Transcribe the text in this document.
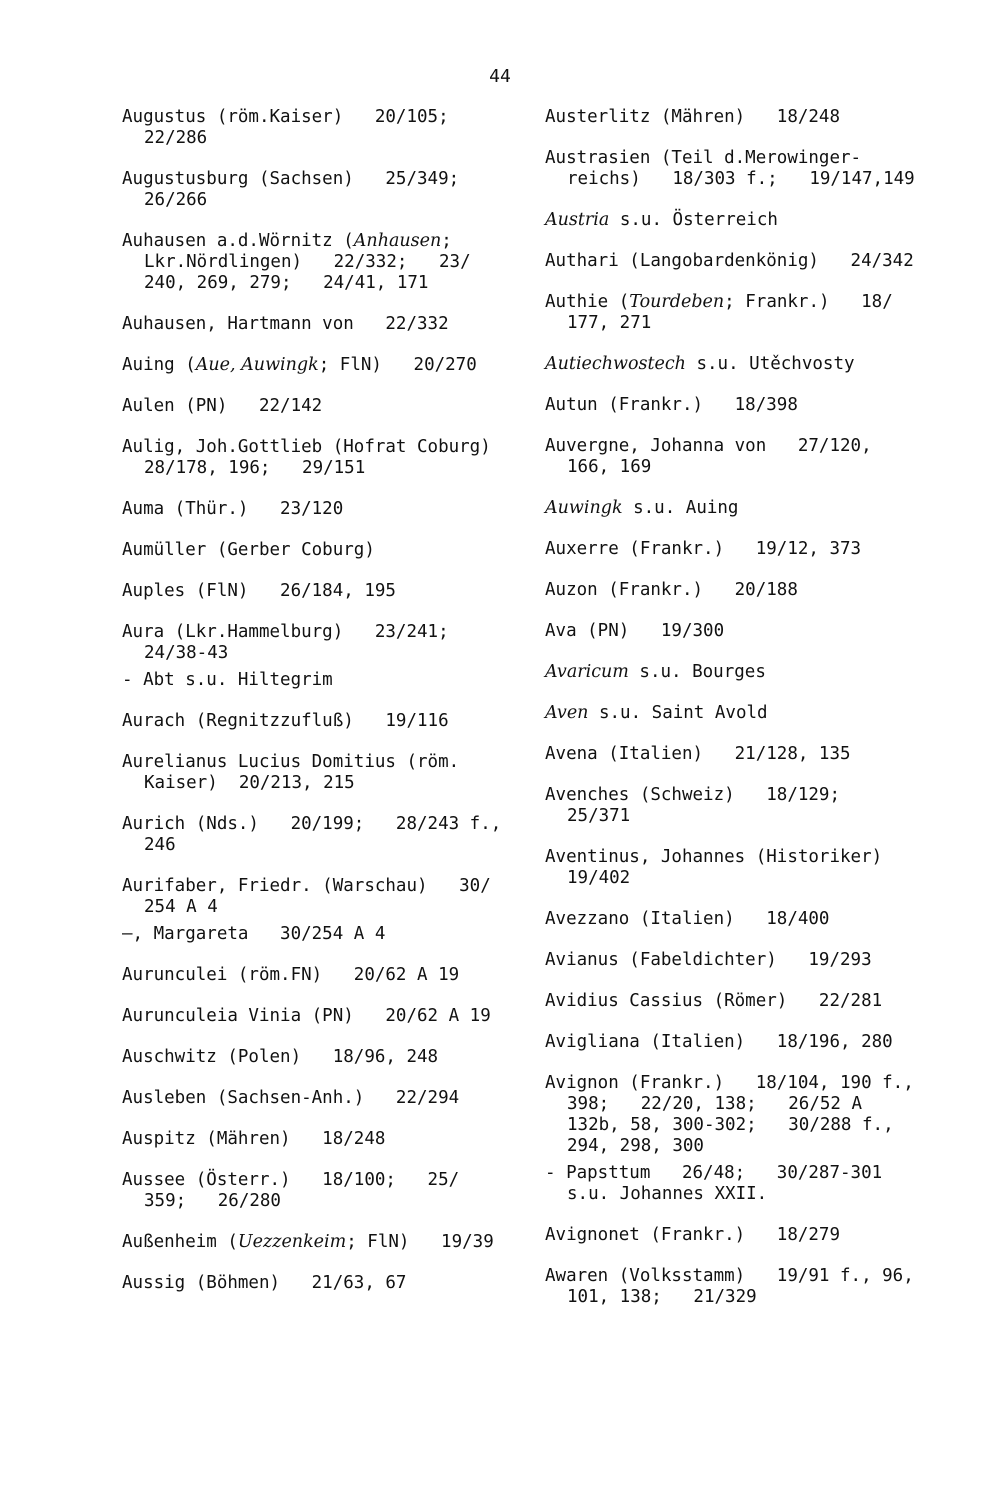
44
Augustus (röm.Kaiser)   20/105;
22/286
Augustusburg (Sachsen)   25/349;
26/266
Auhausen a.d.Wörnitz (Anhausen;
Lkr.Nördlingen)   22/332;   23/
240, 269, 279;   24/41, 171
Auhausen, Hartmann von   22/332
Auing (Aue, Auwingk; FlN)   20/270
Aulen (PN)   22/142
Aulig, Joh.Gottlieb (Hofrat Coburg)
28/178, 196;   29/151
Auma (Thür.)   23/120
Aumüller (Gerber Coburg)
Auples (FlN)   26/184, 195
Aura (Lkr.Hammelburg)   23/241;
24/38-43
- Abt s.u. Hiltegrim
Aurach (Regnitzzufluß)   19/116
Aurelianus Lucius Domitius (röm.
Kaiser)  20/213, 215
Aurich (Nds.)   20/199;   28/243 f.,
246
Aurifaber, Friedr. (Warschau)   30/
254 A 4
—, Margareta   30/254 A 4
Aurunculei (röm.FN)   20/62 A 19
Aurunculeia Vinia (PN)   20/62 A 19
Auschwitz (Polen)   18/96, 248
Ausleben (Sachsen-Anh.)   22/294
Auspitz (Mähren)   18/248
Aussee (Österr.)   18/100;   25/
359;   26/280
Außenheim (Uezzenkeim; FlN)   19/39
Aussig (Böhmen)   21/63, 67
Austerlitz (Mähren)   18/248
Austrasien (Teil d.Merowinger-
reichs)   18/303 f.;   19/147,149
Austria s.u. Österreich
Authari (Langobardenkönig)   24/342
Authie (Tourdeben; Frankr.)   18/
177, 271
Autiechwostech s.u. Utěchvosty
Autun (Frankr.)   18/398
Auvergne, Johanna von   27/120,
166, 169
Auwingk s.u. Auing
Auxerre (Frankr.)   19/12, 373
Auzon (Frankr.)   20/188
Ava (PN)   19/300
Avaricum s.u. Bourges
Aven s.u. Saint Avold
Avena (Italien)   21/128, 135
Avenches (Schweiz)   18/129;
25/371
Aventinus, Johannes (Historiker)
19/402
Avezzano (Italien)   18/400
Avianus (Fabeldichter)   19/293
Avidius Cassius (Römer)   22/281
Avigliana (Italien)   18/196, 280
Avignon (Frankr.)   18/104, 190 f.,
398;   22/20, 138;   26/52 A
132b, 58, 300-302;   30/288 f.,
294, 298, 300
- Papsttum   26/48;   30/287-301
s.u. Johannes XXII.
Avignonet (Frankr.)   18/279
Awaren (Volksstamm)   19/91 f., 96,
101, 138;   21/329
